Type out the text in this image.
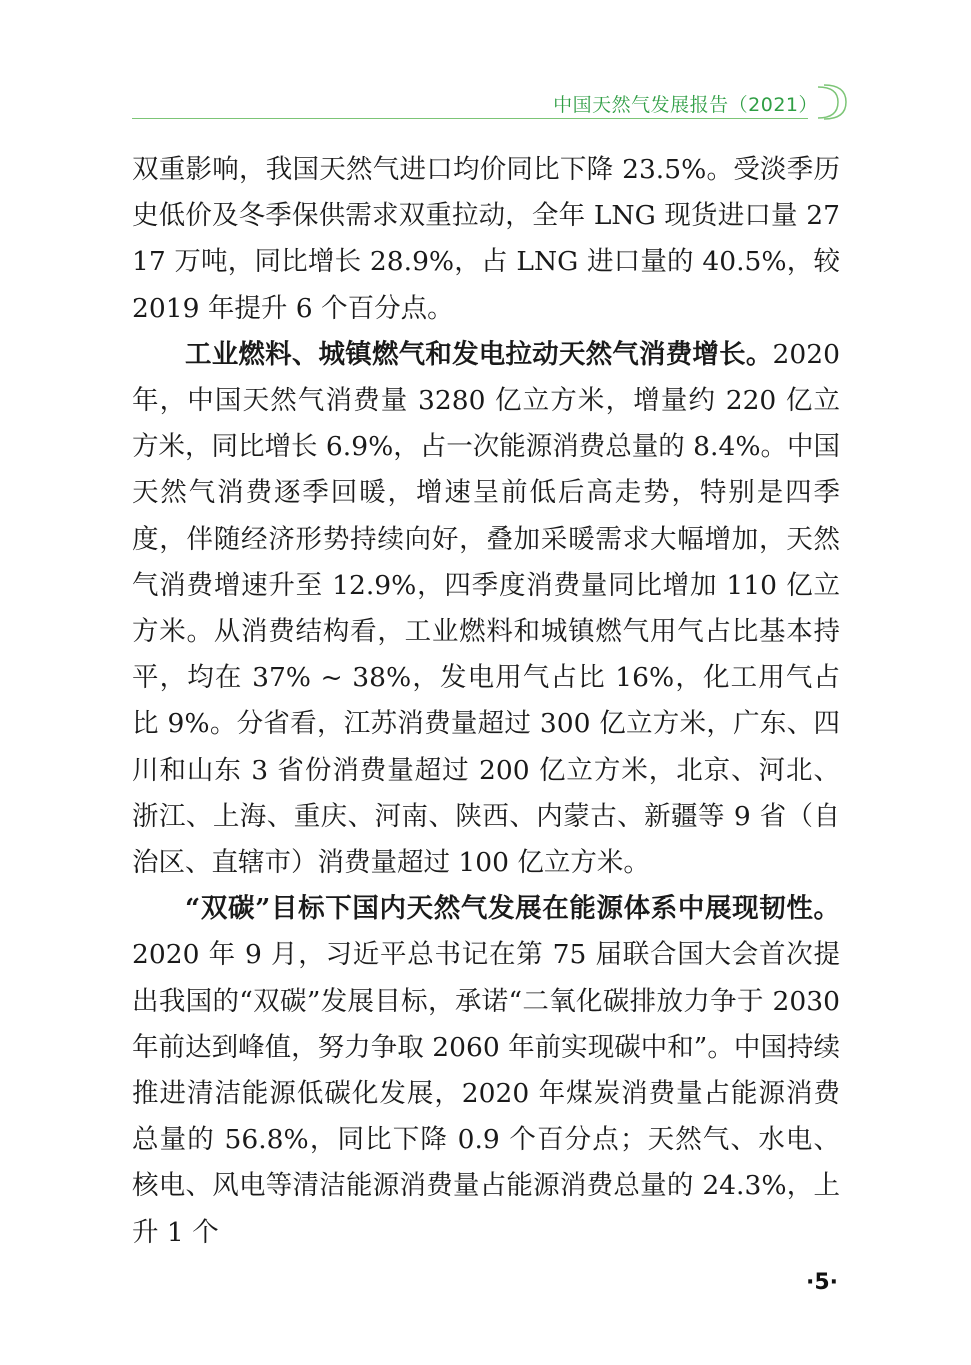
中国天然气发展报告（2021）

双重影响，我国天然气进口均价同比下降 23.5%。受淡季历史低价及冬季保供需求双重拉动，全年 LNG 现货进口量 2717 万吨，同比增长 28.9%，占 LNG 进口量的 40.5%，较 2019 年提升 6 个百分点。

工业燃料、城镇燃气和发电拉动天然气消费增长。2020 年，中国天然气消费量 3280 亿立方米，增量约 220 亿立方米，同比增长 6.9%，占一次能源消费总量的 8.4%。中国天然气消费逐季回暖，增速呈前低后高走势，特别是四季度，伴随经济形势持续向好，叠加采暖需求大幅增加，天然气消费增速升至 12.9%，四季度消费量同比增加 110 亿立方米。从消费结构看，工业燃料和城镇燃气用气占比基本持平，均在 37% ~ 38%，发电用气占比 16%，化工用气占比 9%。分省看，江苏消费量超过 300 亿立方米，广东、四川和山东 3 省份消费量超过 200 亿立方米，北京、河北、浙江、上海、重庆、河南、陕西、内蒙古、新疆等 9 省（自治区、直辖市）消费量超过 100 亿立方米。

“双碳”目标下国内天然气发展在能源体系中展现韧性。2020 年 9 月，习近平总书记在第 75 届联合国大会首次提出我国的“双碳”发展目标，承诺“二氧化碳排放力争于 2030 年前达到峰值，努力争取 2060 年前实现碳中和”。中国持续推进清洁能源低碳化发展，2020 年煤炭消费量占能源消费总量的 56.8%，同比下降 0.9 个百分点；天然气、水电、核电、风电等清洁能源消费量占能源消费总量的 24.3%，上升 1 个

·5·
